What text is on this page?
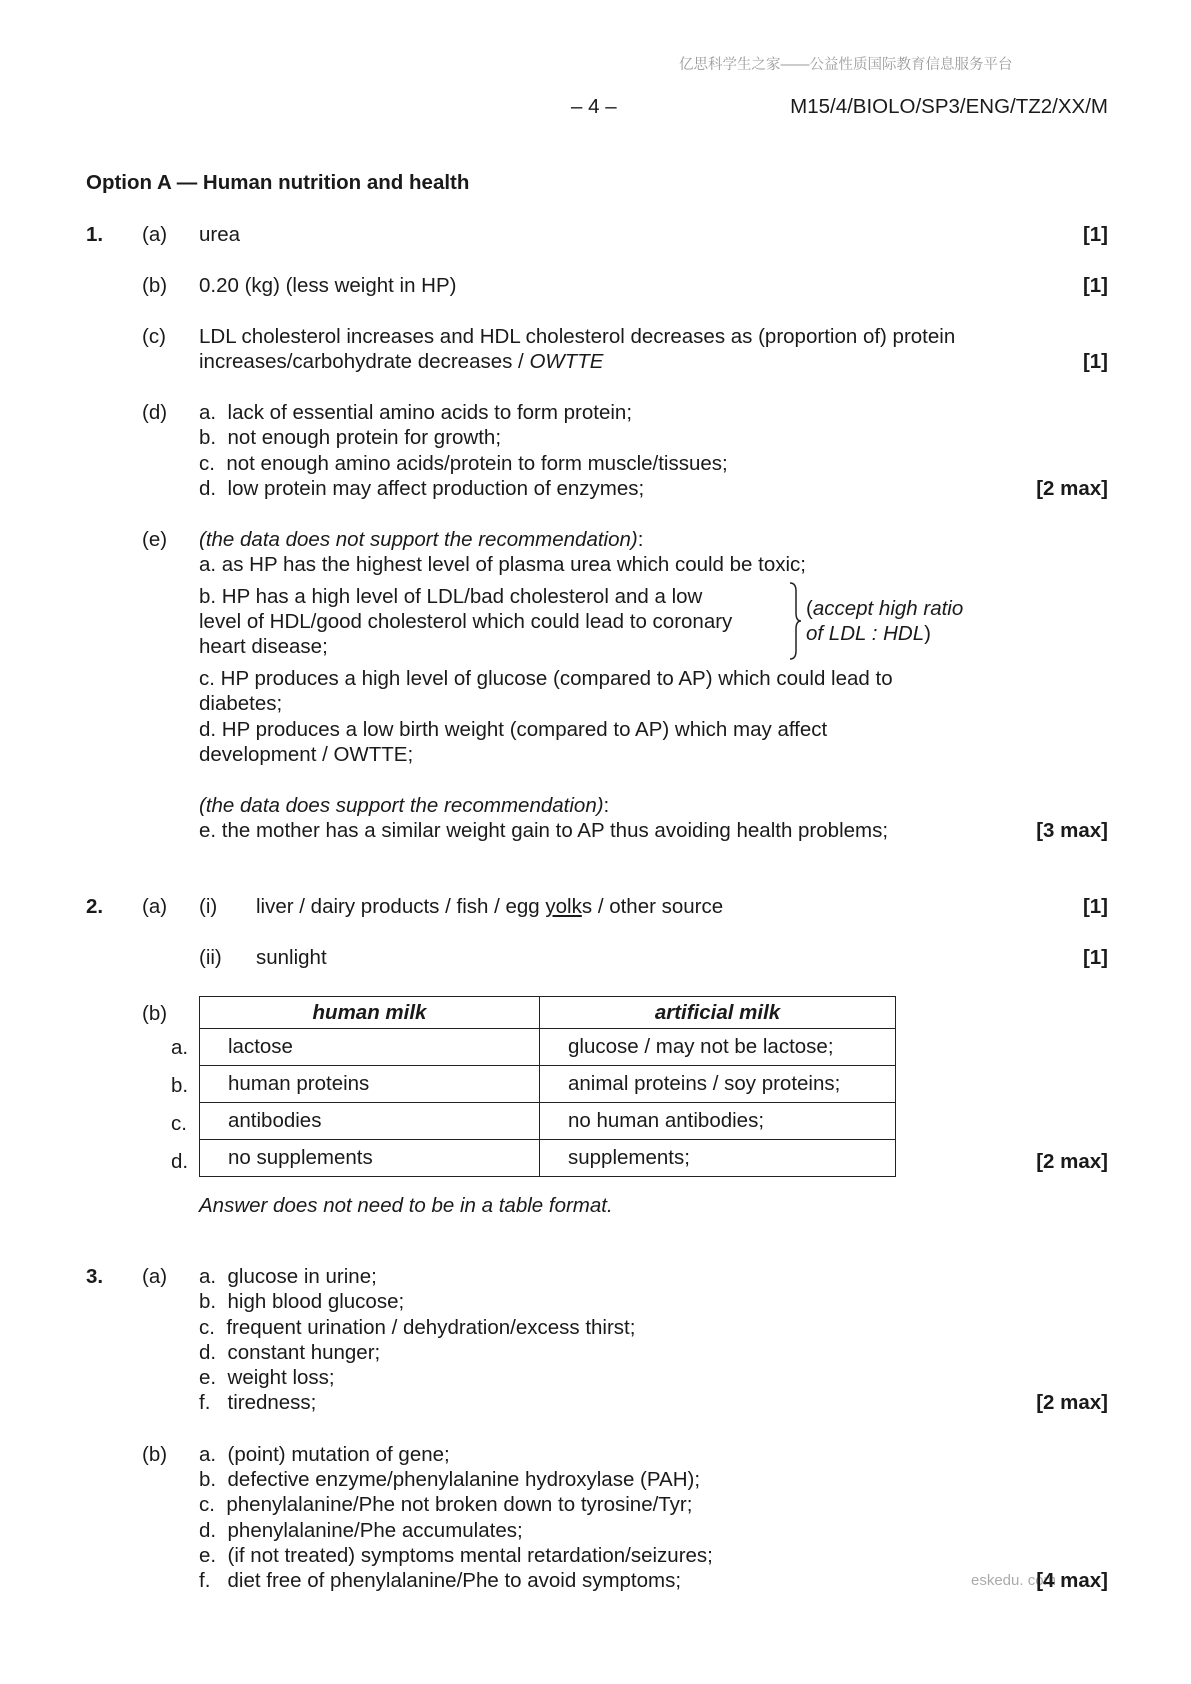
亿思科学生之家——公益性质国际教育信息服务平台
– 4 –	M15/4/BIOLO/SP3/ENG/TZ2/XX/M
Option A — Human nutrition and health
1. (a) urea	[1]
(b) 0.20 (kg) (less weight in HP)	[1]
(c) LDL cholesterol increases and HDL cholesterol decreases as (proportion of) protein
increases/carbohydrate decreases / OWTTE	[1]
(d) a. lack of essential amino acids to form protein;
b. not enough protein for growth;
c. not enough amino acids/protein to form muscle/tissues;
d. low protein may affect production of enzymes;	[2 max]
(e) (the data does not support the recommendation):
a. as HP has the highest level of plasma urea which could be toxic;
b. HP has a high level of LDL/bad cholesterol and a low
level of HDL/good cholesterol which could lead to coronary
heart disease;
(accept high ratio
of LDL : HDL)
c. HP produces a high level of glucose (compared to AP) which could lead to
diabetes;
d. HP produces a low birth weight (compared to AP) which may affect
development / OWTTE;
(the data does support the recommendation):
e. the mother has a similar weight gain to AP thus avoiding health problems;	[3 max]
2. (a) (i) liver / dairy products / fish / egg yolks / other source	[1]
(ii) sunlight	[1]
(b)
a.
b.
c.
d.
human milk	artificial milk
lactose	glucose / may not be lactose;
human proteins	animal proteins / soy proteins;
antibodies	no human antibodies;
no supplements	supplements;	[2 max]
Answer does not need to be in a table format.
3. (a) a. glucose in urine;
b. high blood glucose;
c. frequent urination / dehydration/excess thirst;
d. constant hunger;
e. weight loss;
f. tiredness;	[2 max]
(b) a. (point) mutation of gene;
b. defective enzyme/phenylalanine hydroxylase (PAH);
c. phenylalanine/Phe not broken down to tyrosine/Tyr;
d. phenylalanine/Phe accumulates;
e. (if not treated) symptoms mental retardation/seizures;
f. diet free of phenylalanine/Phe to avoid symptoms;	eskedu. com
[4 max]
